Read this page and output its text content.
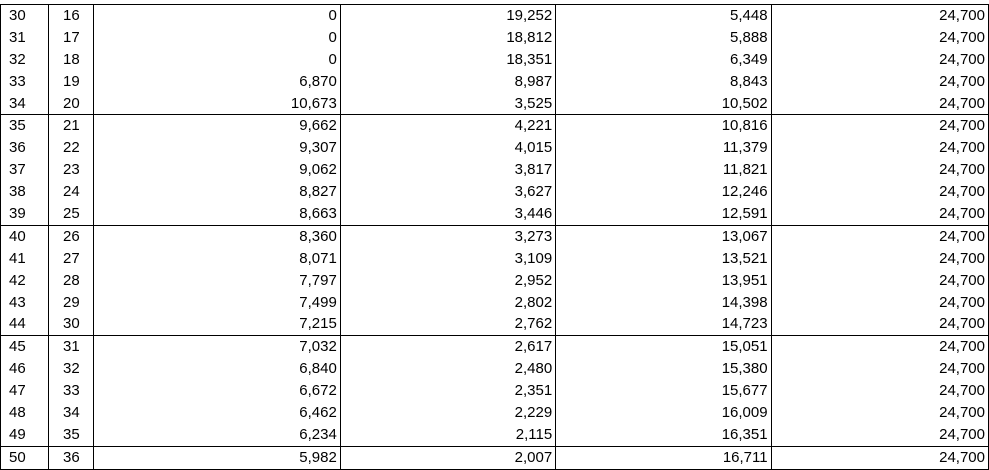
30	16	0	19,252	5,448	24,700
31	17	0	18,812	5,888	24,700
32	18	0	18,351	6,349	24,700
33	19	6,870	8,987	8,843	24,700
34	20	10,673	3,525	10,502	24,700
35	21	9,662	4,221	10,816	24,700
36	22	9,307	4,015	11,379	24,700
37	23	9,062	3,817	11,821	24,700
38	24	8,827	3,627	12,246	24,700
39	25	8,663	3,446	12,591	24,700
40	26	8,360	3,273	13,067	24,700
41	27	8,071	3,109	13,521	24,700
42	28	7,797	2,952	13,951	24,700
43	29	7,499	2,802	14,398	24,700
44	30	7,215	2,762	14,723	24,700
45	31	7,032	2,617	15,051	24,700
46	32	6,840	2,480	15,380	24,700
47	33	6,672	2,351	15,677	24,700
48	34	6,462	2,229	16,009	24,700
49	35	6,234	2,115	16,351	24,700
50	36	5,982	2,007	16,711	24,700
